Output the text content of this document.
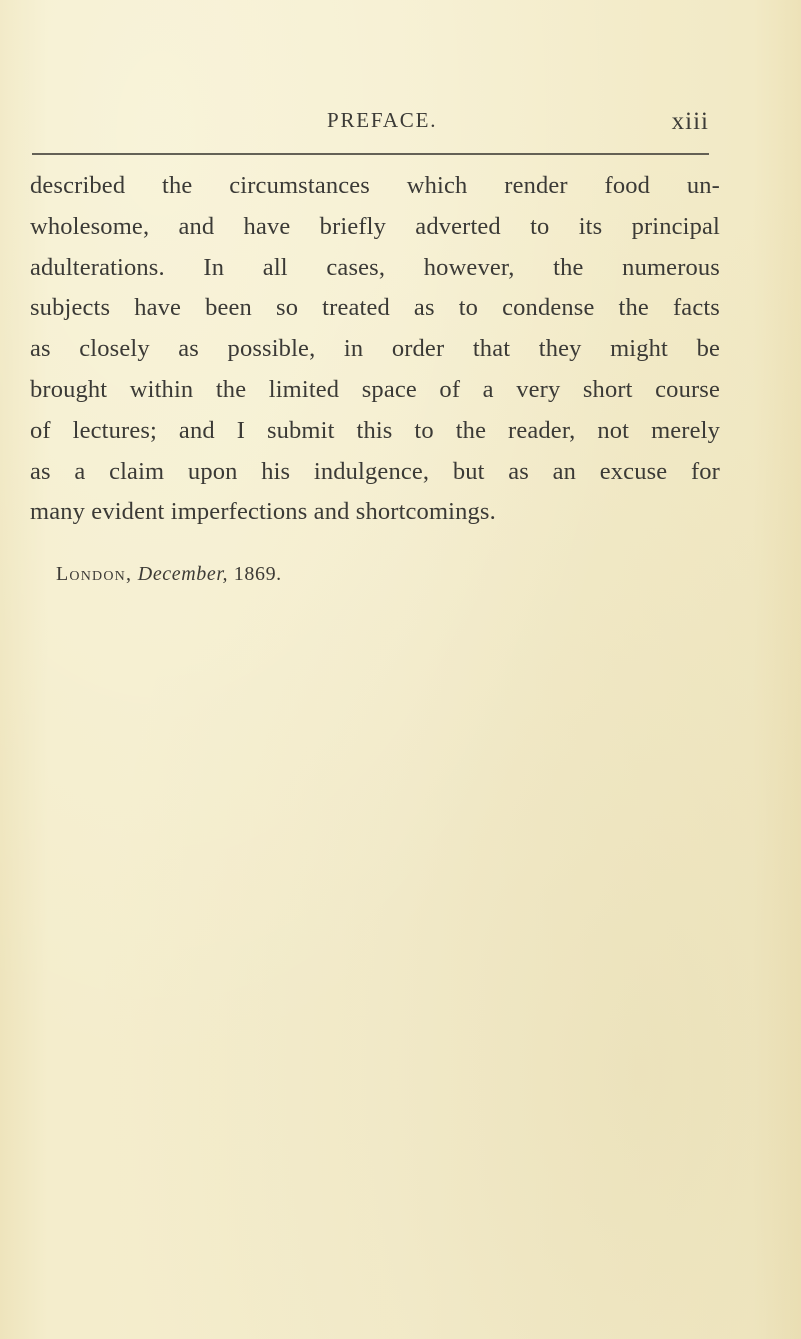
PREFACE.	xiii
described the circumstances which render food un-
wholesome, and have briefly adverted to its principal
adulterations. In all cases, however, the numerous
subjects have been so treated as to condense the facts
as closely as possible, in order that they might be
brought within the limited space of a very short course
of lectures; and I submit this to the reader, not merely
as a claim upon his indulgence, but as an excuse for
many evident imperfections and shortcomings.
London, December, 1869.
